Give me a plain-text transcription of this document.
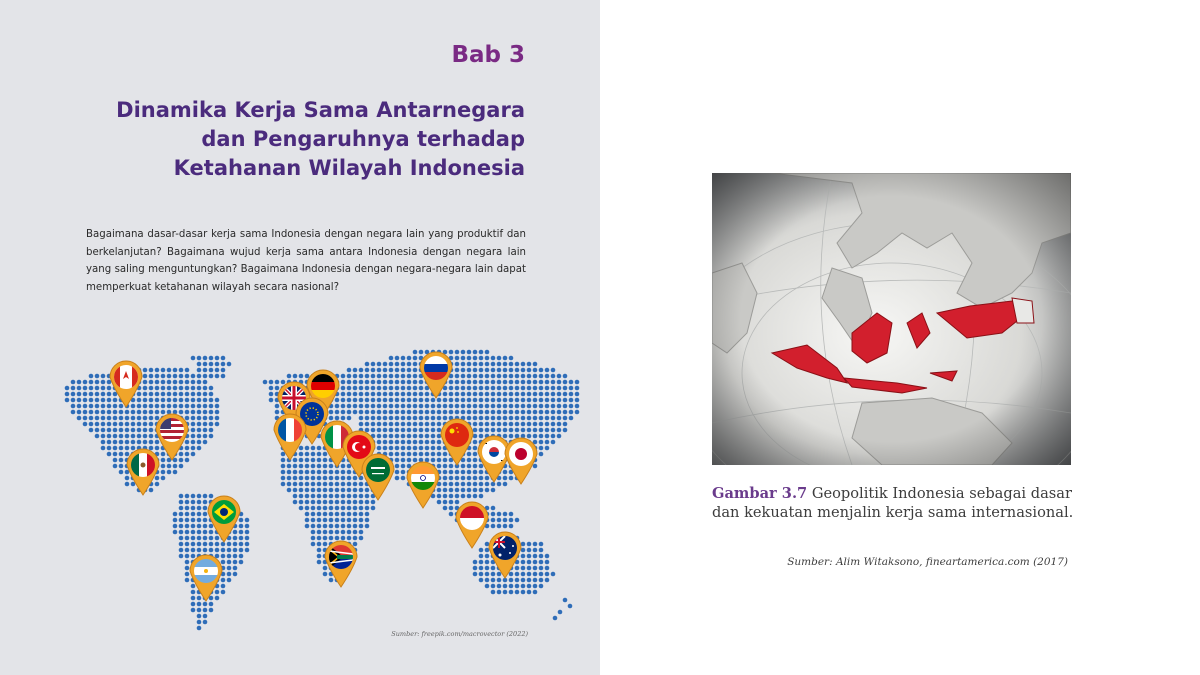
Bab 3
Dinamika Kerja Sama Antarnegara
dan Pengaruhnya terhadap
Ketahanan Wilayah Indonesia
Bagaimana dasar-dasar kerja sama Indonesia dengan negara lain yang produktif dan berkelanjutan? Bagaimana wujud kerja sama antara Indonesia dengan negara lain yang saling menguntungkan? Bagaimana Indonesia dengan negara-negara lain dapat memperkuat ketahanan wilayah secara nasional?
Sumber: freepik.com/macrovector (2022)
Gambar 3.7 Geopolitik Indonesia sebagai dasar dan kekuatan menjalin kerja sama internasional.
Sumber: Alim Witaksono, fineartamerica.com (2017)
